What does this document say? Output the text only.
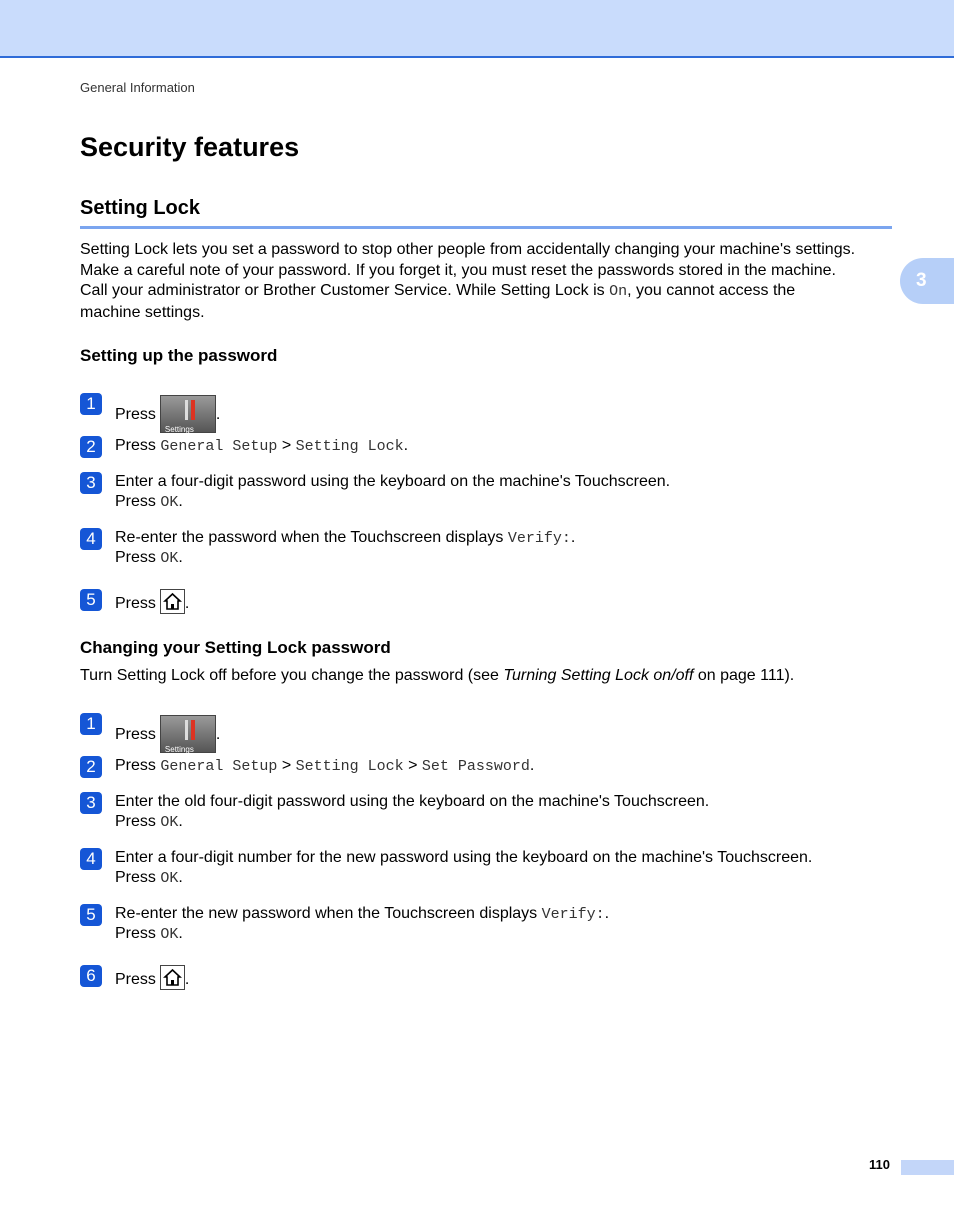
General Information
3
Security features
Setting Lock
Setting Lock lets you set a password to stop other people from accidentally changing your machine's settings.
Make a careful note of your password. If you forget it, you must reset the passwords stored in the machine.
Call your administrator or Brother Customer Service. While Setting Lock is On, you cannot access the
machine settings.
Setting up the password
1
Press
Settings
.
2	Press General Setup > Setting Lock.
3	Enter a four-digit password using the keyboard on the machine's Touchscreen.
Press OK.
4	Re-enter the password when the Touchscreen displays Verify:.
Press OK.
5	Press .
Changing your Setting Lock password
Turn Setting Lock off before you change the password (see Turning Setting Lock on/off on page 111).
1
Press
Settings
.
2	Press General Setup > Setting Lock > Set Password.
3	Enter the old four-digit password using the keyboard on the machine's Touchscreen.
Press OK.
4	Enter a four-digit number for the new password using the keyboard on the machine's Touchscreen.
Press OK.
5	Re-enter the new password when the Touchscreen displays Verify:.
Press OK.
6	Press .
110
